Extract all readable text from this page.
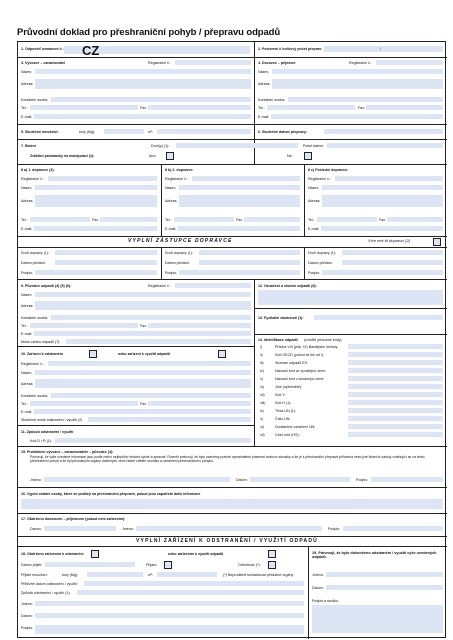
Průvodní doklad pro přeshraniční pohyb / přepravu odpadů
1. Odpověď oznámení č.: CZ	2. Potvrzení č./celkový počet přeprav:	/
3. Vývozce – oznamovatel	Registrační č.:
Název:
Adresa:
Kontaktní osoba:
Tel.:	Fax:
E-mail:
4. Dovozce – příjemce	Registrační č.:
Název:
Adresa:
Kontaktní osoba:
Tel.:	Fax:
E-mail:
5. Skutečné množství:	tuny (Mg):	m³:	6. Skutečné datum přepravy:
7. Balení	Druh(y) (1):	Počet balení:
Zvláštní požadavky na manipulaci (2):	Ano:	Ne:
8 a) 1. dopravce (3):
Registrační č.:
Název:
Adresa:
Tel.:	Fax:
E-mail:
8 b) 2. dopravce:
Registrační č.:
Název:
Adresa:
Tel.:	Fax:
E-mail:
8 c) Poslední dopravce:
Registrační č.:
Název:
Adresa:
Tel.:	Fax:
E-mail:
VYPLNÍ ZÁSTUPCE DOPRAVCE	Více než tři dopravci (2)
Druh dopravy (1):
Datum předání:
Podpis:
Druh dopravy (1):
Datum předání:
Podpis:
Druh dopravy (1):
Datum předání:
Podpis:
9. Původce odpadů (4) (5) (6):	Registrační č.:
Název:
Adresa:
Kontaktní osoba:
Tel.:	Fax:
E-mail:
Místo vzniku odpadů (7):
12. Označení a složení odpadů (8):
13. Fyzikální vlastnosti (1):
10. Zařízení k odstranění	nebo zařízení k využití odpadů
Registrační č.:
Název:
Adresa:
Kontaktní osoba:
Tel.:	Fax:
E-mail:
Skutečné místo odstranění / využití (2)
11. Způsob odstranění / využití
Kód D / R (1):
14. Identifikace odpadů (uveďte příslušné kódy)
i)	Příloha VIII (příp. IX) Basilejské úmluvy:
ii)	Kód OECD (pokud se liší od i):
iii)	Seznam odpadů ES:
iv)	Národní kód ve vyvážející zemi:
v)	Národní kód v dovážející zemi:
vi)	Jiné (upřesněte):
vii)	Kód Y:
viii)	Kód H (1):
ix)	Třída UN (1):
x)	Číslo UN:
xi)	Dodatečné označení UN:
xii)	Celní kód (HS):
15. Prohlášení vývozce – oznamovatele – původce (4):
Potvrzuji, že výše uvedené informace jsou podle mého nejlepšího vědomí úplné a správné. Rovněž potvrzuji, že byly uzavřeny právně vymahatelné písemné smluvní závazky a že je k přeshraniční přepravě přiložena nebo jiné finanční záruky vztahující se na tento přeshraniční pohyb a že byl příslušnými orgány dotčených zemí řádně udělen souhlas a oznámení přeshraničního pohybu.
Jméno:	Datum:	Podpis:
16. Vyplní ostatní osoby, které se podílejí na přeshraniční přepravě, pokud jsou zapotřebí další informace
17. Obdrženo dovozcem – příjemcem (pokud není zařízením):
Datum:	Jméno:	Podpis:
VYPLNÍ ZAŘÍZENÍ K ODSTRANĚNÍ / VYUŽITÍ ODPADŮ
18. Obdrženo zařízením k odstranění	nebo zařízením k využití odpadů
Datum přijetí:	Přijato:	Odmítnuto (*):
Přijaté množství:	tuny (Mg):	m³:	(*) Neprodleně kontaktovat příslušné orgány
Přibližné datum odstranění / využití:
Způsob odstranění / využití (1):
Jméno:
Datum:
Podpis:
19. Potvrzuji, že bylo dokončeno odstranění / využití výše uvedených odpadů.
Jméno:
Datum:
Podpis a razítko:
